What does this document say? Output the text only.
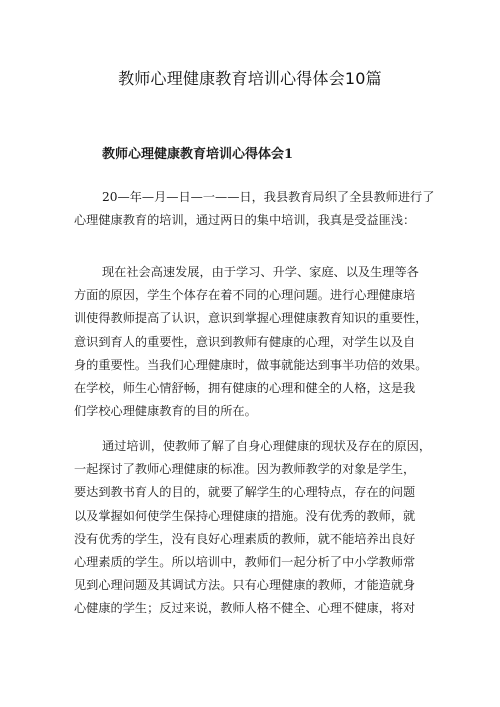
教师心理健康教育培训心得体会10篇
教师心理健康教育培训心得体会1

20—年—月—日—一——日，我县教育局织了全县教师进行了
心理健康教育的培训，通过两日的集中培训，我真是受益匪浅：

现在社会高速发展，由于学习、升学、家庭、以及生理等各
方面的原因，学生个体存在着不同的心理问题。进行心理健康培
训使得教师提高了认识，意识到掌握心理健康教育知识的重要性，
意识到育人的重要性，意识到教师有健康的心理，对学生以及自
身的重要性。当我们心理健康时，做事就能达到事半功倍的效果。
在学校，师生心情舒畅，拥有健康的心理和健全的人格，这是我
们学校心理健康教育的目的所在。

通过培训，使教师了解了自身心理健康的现状及存在的原因，
一起探讨了教师心理健康的标准。因为教师教学的对象是学生，
要达到教书育人的目的，就要了解学生的心理特点，存在的问题
以及掌握如何使学生保持心理健康的措施。没有优秀的教师，就
没有优秀的学生，没有良好心理素质的教师，就不能培养出良好
心理素质的学生。所以培训中，教师们一起分析了中小学教师常
见到心理问题及其调试方法。只有心理健康的教师，才能造就身
心健康的学生；反过来说，教师人格不健全、心理不健康，将对
